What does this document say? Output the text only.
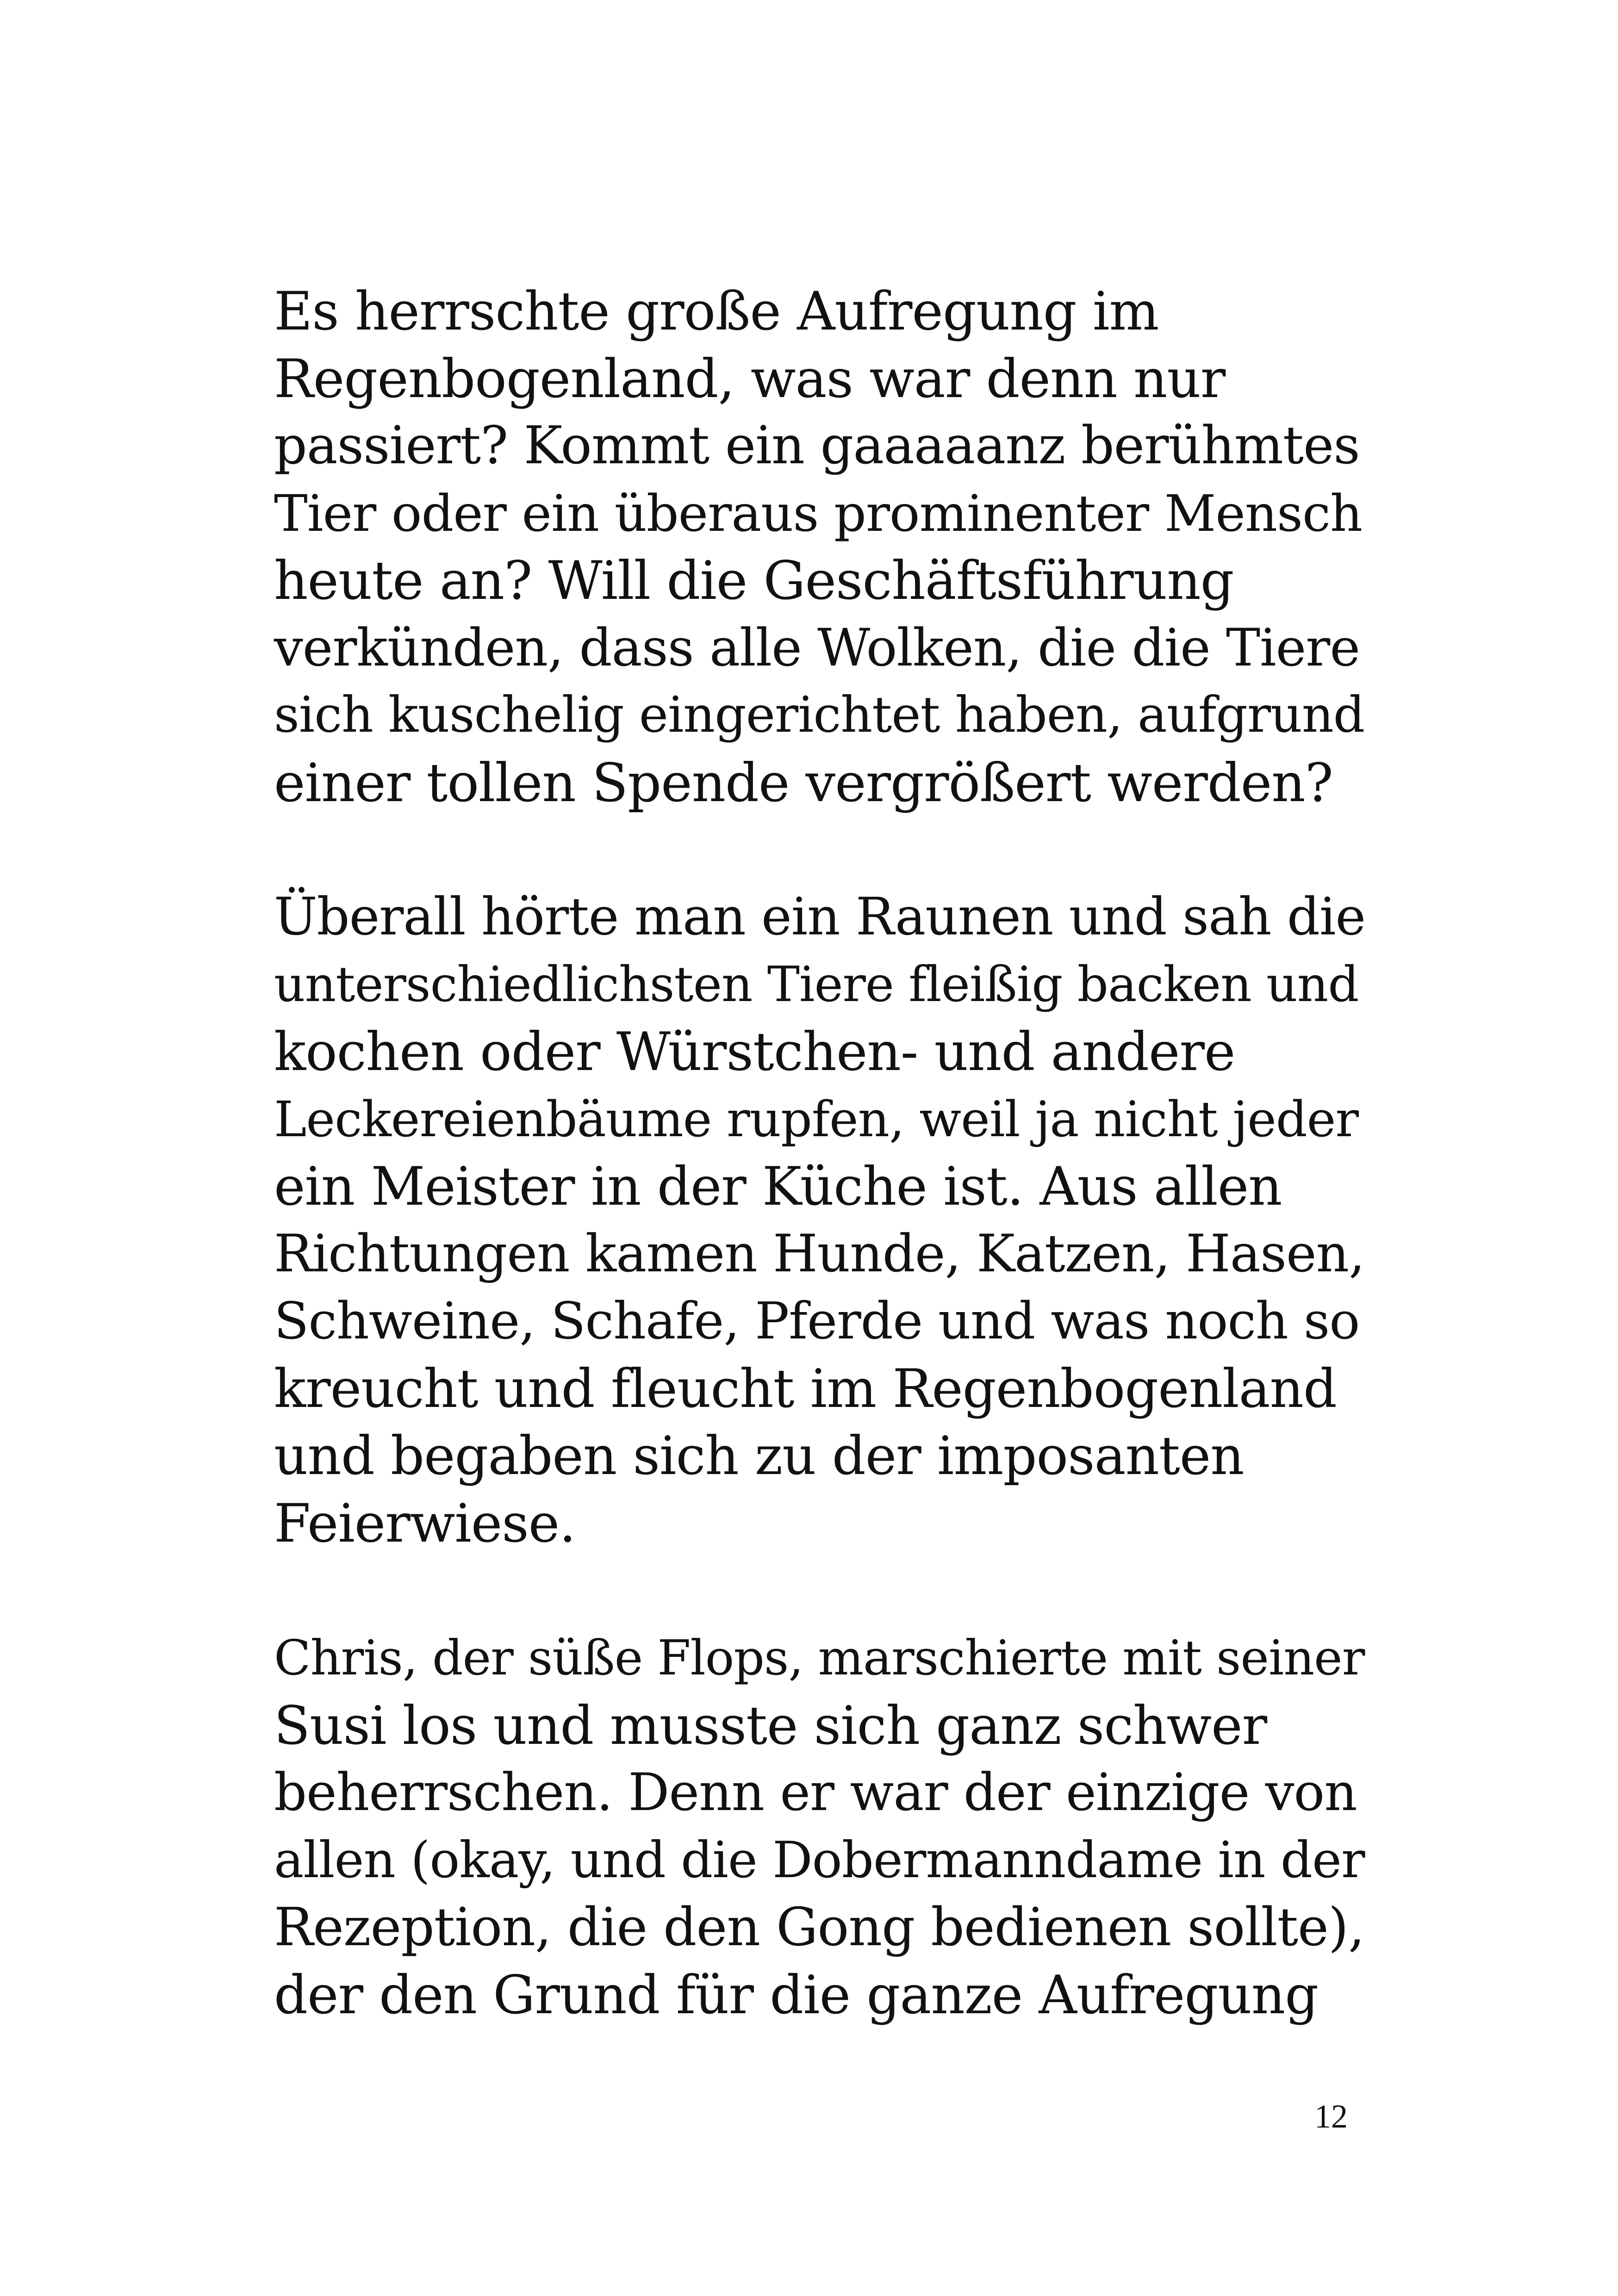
Es herrschte große Aufregung im
Regenbogenland, was war denn nur
passiert? Kommt ein gaaaaanz berühmtes
Tier oder ein überaus prominenter Mensch
heute an? Will die Geschäftsführung
verkünden, dass alle Wolken, die die Tiere
sich kuschelig eingerichtet haben, aufgrund
einer tollen Spende vergrößert werden?
Überall hörte man ein Raunen und sah die
unterschiedlichsten Tiere fleißig backen und
kochen oder Würstchen- und andere
Leckereienbäume rupfen, weil ja nicht jeder
ein Meister in der Küche ist. Aus allen
Richtungen kamen Hunde, Katzen, Hasen,
Schweine, Schafe, Pferde und was noch so
kreucht und fleucht im Regenbogenland
und begaben sich zu der imposanten
Feierwiese.
Chris, der süße Flops, marschierte mit seiner
Susi los und musste sich ganz schwer
beherrschen. Denn er war der einzige von
allen (okay, und die Dobermanndame in der
Rezeption, die den Gong bedienen sollte),
der den Grund für die ganze Aufregung
12
